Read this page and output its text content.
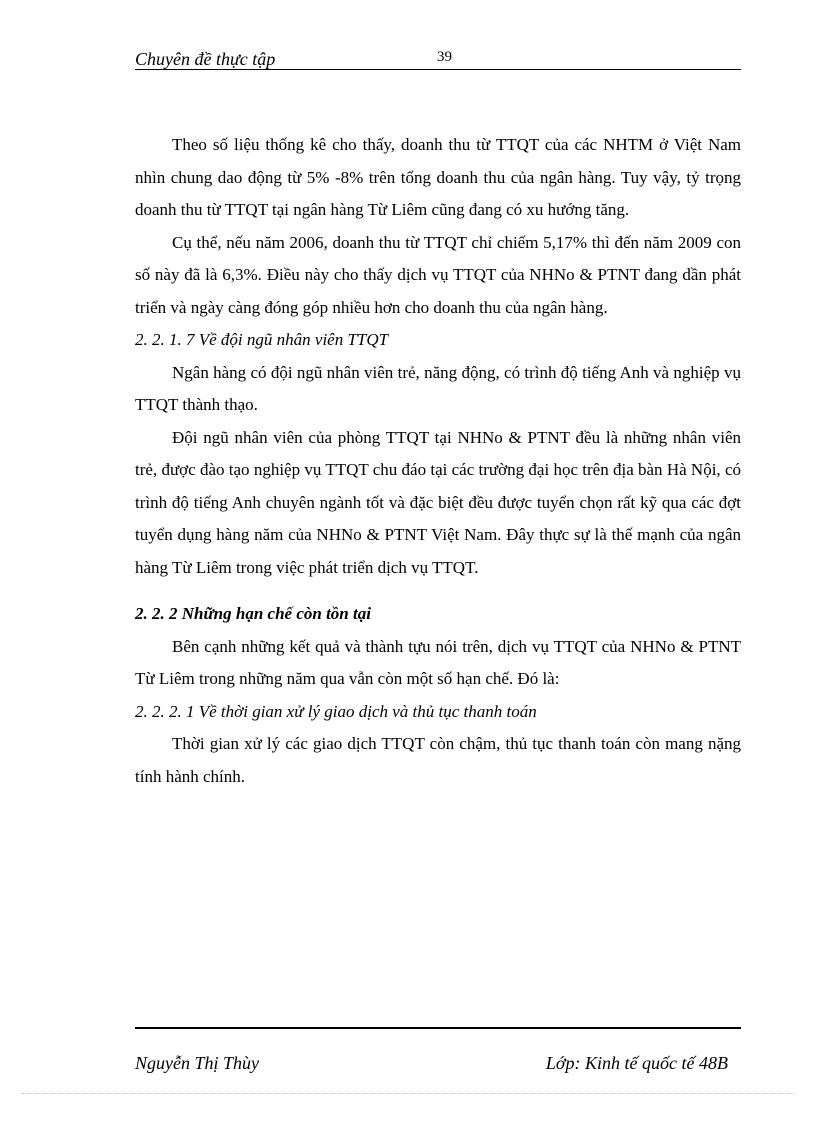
Chuyên đề thực tập	39

Theo số liệu thống kê cho thấy, doanh thu từ TTQT của các NHTM ở Việt Nam nhìn chung dao động từ 5% -8% trên tổng doanh thu của ngân hàng. Tuy vậy, tỷ trọng doanh thu từ TTQT tại ngân hàng Từ Liêm cũng đang có xu hướng tăng.

Cụ thể, nếu năm 2006, doanh thu từ TTQT chỉ chiếm 5,17% thì đến năm 2009 con số này đã là 6,3%. Điều này cho thấy dịch vụ TTQT của NHNo & PTNT đang dần phát triển và ngày càng đóng góp nhiều hơn cho doanh thu của ngân hàng.

2. 2. 1. 7 Về đội ngũ nhân viên TTQT

Ngân hàng có đội ngũ nhân viên trẻ, năng động, có trình độ tiếng Anh và nghiệp vụ TTQT thành thạo.

Đội ngũ nhân viên của phòng TTQT tại NHNo & PTNT đều là những nhân viên trẻ, được đào tạo nghiệp vụ TTQT chu đáo tại các trường đại học trên địa bàn Hà Nội, có trình độ tiếng Anh chuyên ngành tốt và đặc biệt đều được tuyển chọn rất kỹ qua các đợt tuyển dụng hàng năm của NHNo & PTNT Việt Nam. Đây thực sự là thế mạnh của ngân hàng Từ Liêm trong việc phát triển dịch vụ TTQT.

2. 2. 2 Những hạn chế còn tồn tại

Bên cạnh những kết quả và thành tựu nói trên, dịch vụ TTQT của NHNo & PTNT Từ Liêm trong những năm qua vẫn còn một số hạn chế. Đó là:

2. 2. 2. 1 Về thời gian xử lý giao dịch và thủ tục thanh toán

Thời gian xử lý các giao dịch TTQT còn chậm, thủ tục thanh toán còn mang nặng tính hành chính.

Nguyễn Thị Thùy	Lớp: Kinh tế quốc tế 48B
